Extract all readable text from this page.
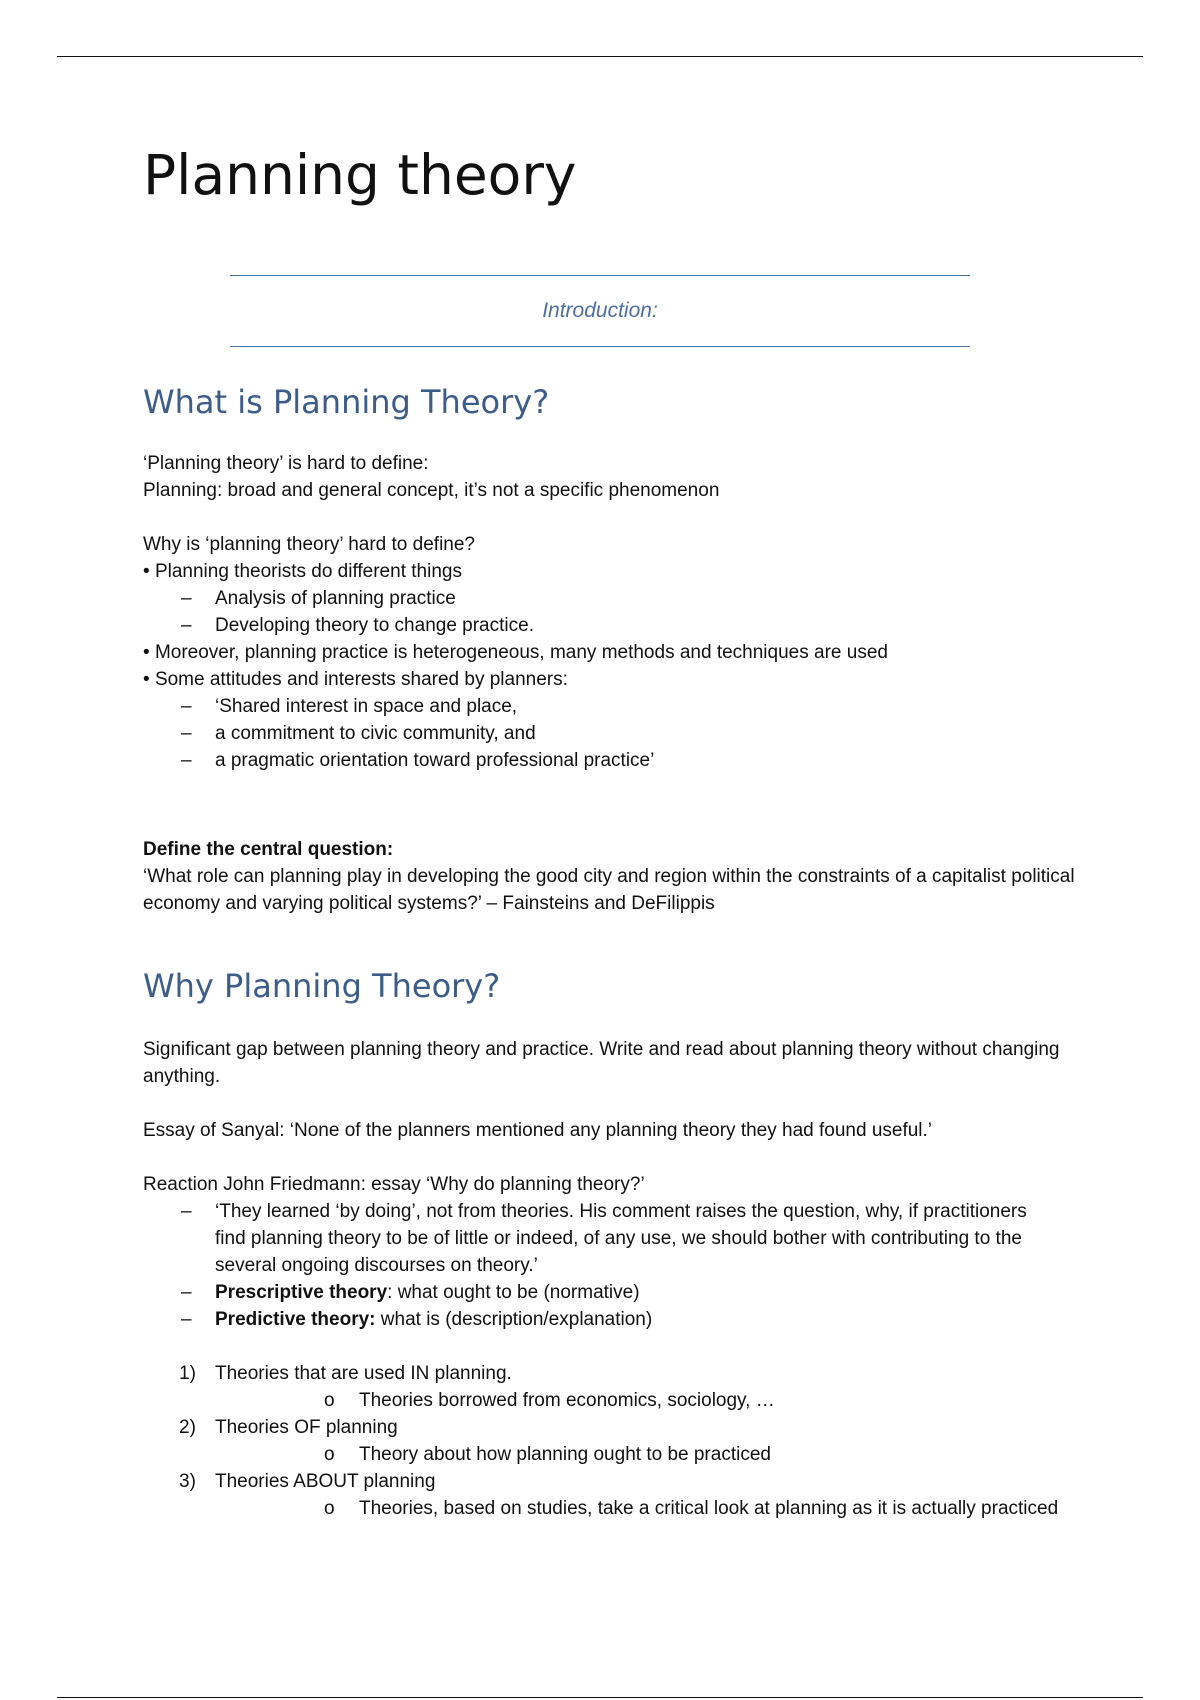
Planning theory
Introduction:
What is Planning Theory?
‘Planning theory’ is hard to define:
Planning: broad and general concept, it’s not a specific phenomenon
Why is ‘planning theory’ hard to define?
• Planning theorists do different things
– Analysis of planning practice
– Developing theory to change practice.
• Moreover, planning practice is heterogeneous, many methods and techniques are used
• Some attitudes and interests shared by planners:
– ‘Shared interest in space and place,
– a commitment to civic community, and
– a pragmatic orientation toward professional practice’
Define the central question:
‘What role can planning play in developing the good city and region within the constraints of a capitalist political economy and varying political systems?’ – Fainsteins and DeFilippis
Why Planning Theory?
Significant gap between planning theory and practice. Write and read about planning theory without changing anything.
Essay of Sanyal: ‘None of the planners mentioned any planning theory they had found useful.’
Reaction John Friedmann: essay ‘Why do planning theory?’
– ‘They learned ‘by doing’, not from theories. His comment raises the question, why, if practitioners find planning theory to be of little or indeed, of any use, we should bother with contributing to the several ongoing discourses on theory.’
– Prescriptive theory: what ought to be (normative)
– Predictive theory: what is (description/explanation)
1) Theories that are used IN planning.
o Theories borrowed from economics, sociology, …
2) Theories OF planning
o Theory about how planning ought to be practiced
3) Theories ABOUT planning
o Theories, based on studies, take a critical look at planning as it is actually practiced
